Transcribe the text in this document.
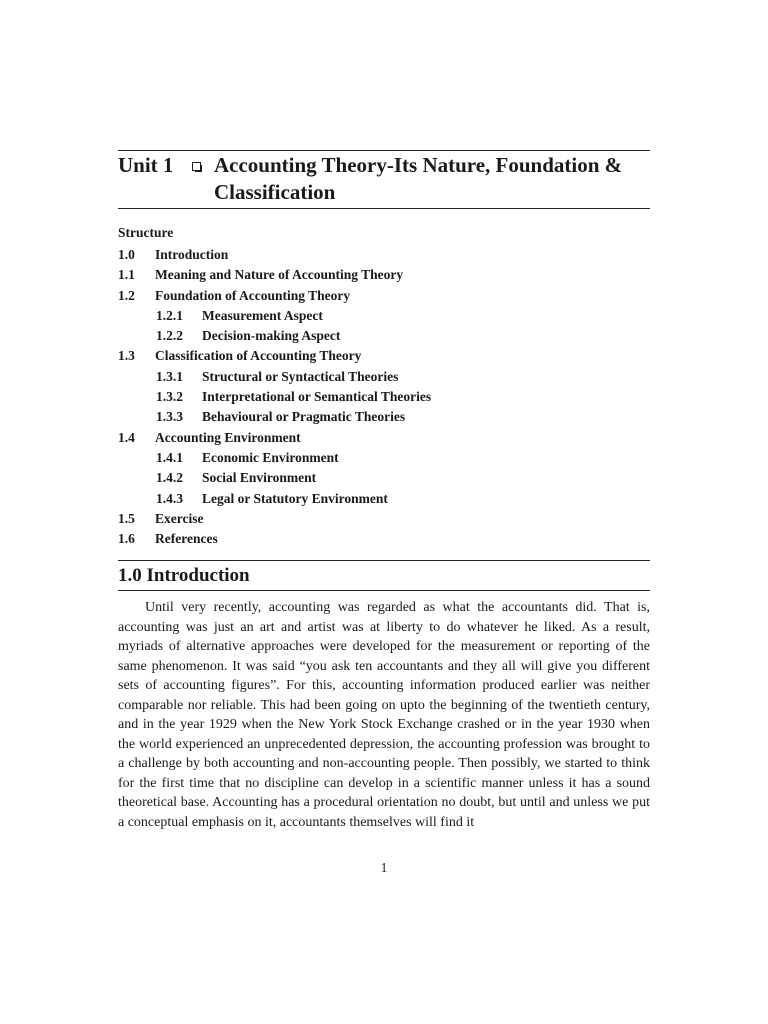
Unit 1 Accounting Theory-Its Nature, Foundation & Classification
Structure
1.0 Introduction
1.1 Meaning and Nature of Accounting Theory
1.2 Foundation of Accounting Theory
1.2.1 Measurement Aspect
1.2.2 Decision-making Aspect
1.3 Classification of Accounting Theory
1.3.1 Structural or Syntactical Theories
1.3.2 Interpretational or Semantical Theories
1.3.3 Behavioural or Pragmatic Theories
1.4 Accounting Environment
1.4.1 Economic Environment
1.4.2 Social Environment
1.4.3 Legal or Statutory Environment
1.5 Exercise
1.6 References
1.0 Introduction

Until very recently, accounting was regarded as what the accountants did. That is, accounting was just an art and artist was at liberty to do whatever he liked. As a result, myriads of alternative approaches were developed for the measurement or reporting of the same phenomenon. It was said “you ask ten accountants and they all will give you different sets of accounting figures”. For this, accounting information produced earlier was neither comparable nor reliable. This had been going on upto the beginning of the twentieth century, and in the year 1929 when the New York Stock Exchange crashed or in the year 1930 when the world experienced an unprecedented depression, the accounting profession was brought to a challenge by both accounting and non-accounting people. Then possibly, we started to think for the first time that no discipline can develop in a scientific manner unless it has a sound theoretical base. Accounting has a procedural orientation no doubt, but until and unless we put a conceptual emphasis on it, accountants themselves will find it

1
